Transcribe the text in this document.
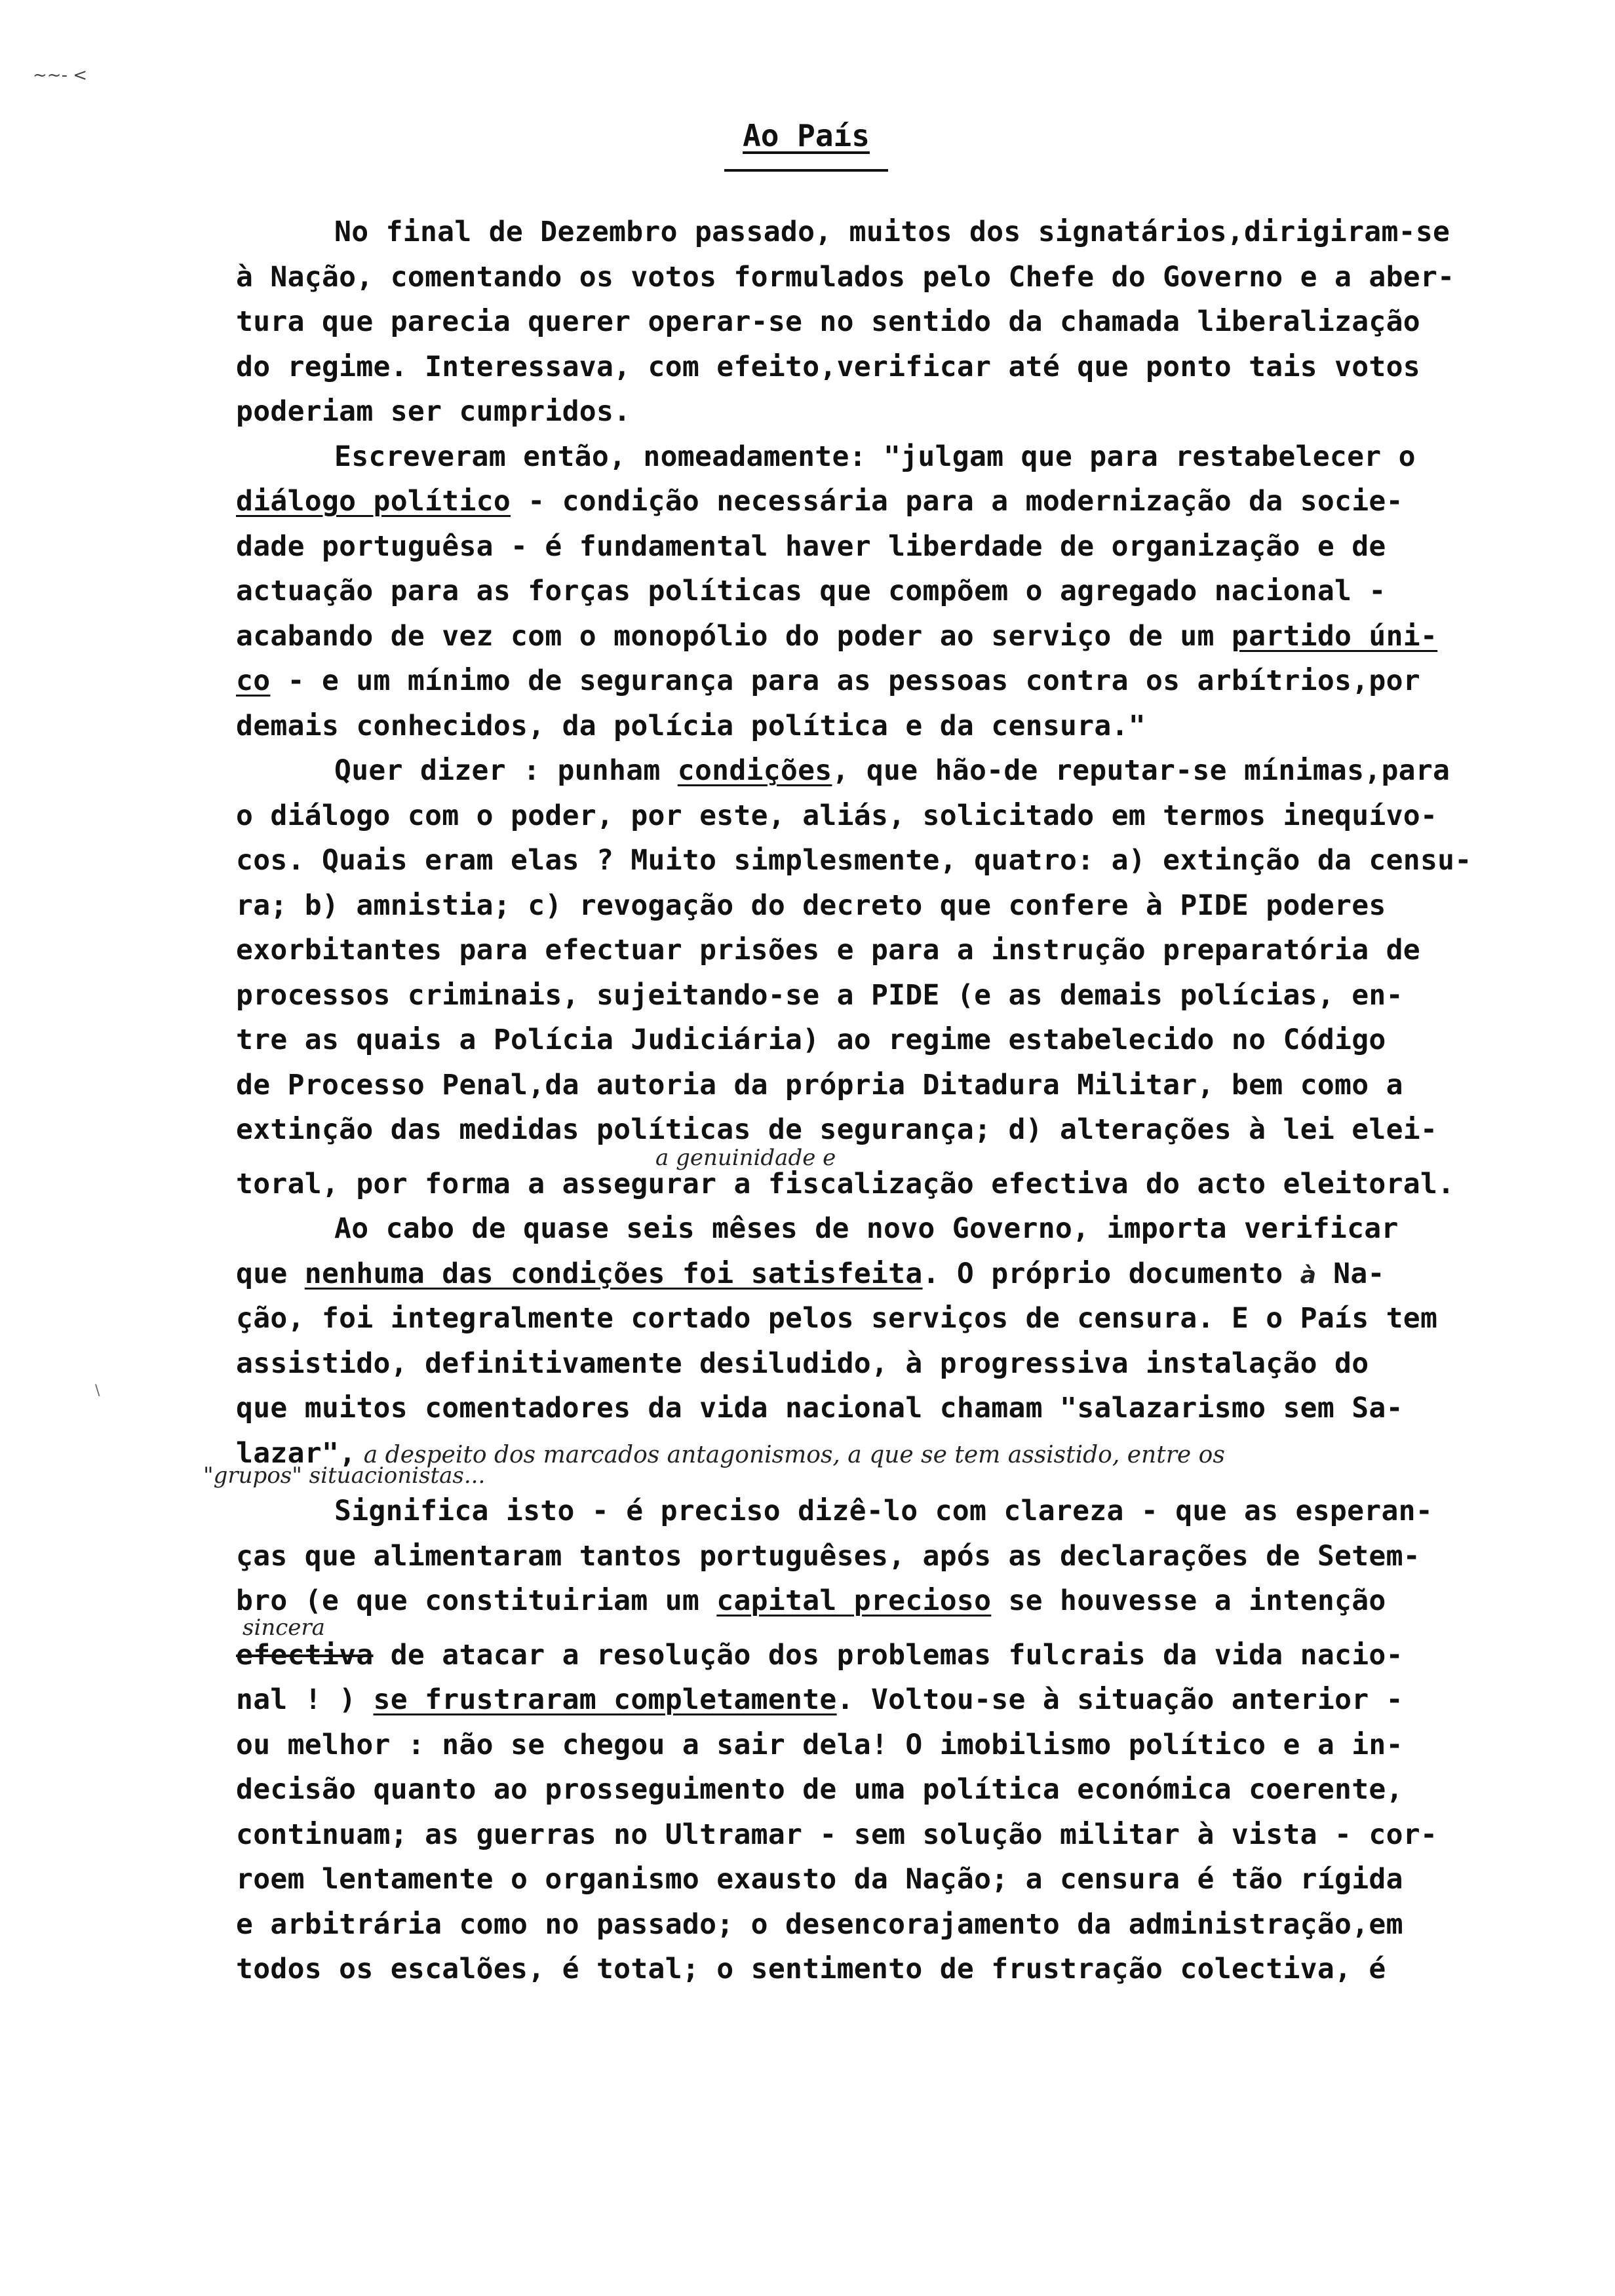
~~- <
\
Ao País
No final de Dezembro passado, muitos dos signatários,dirigiram-se
à Nação, comentando os votos formulados pelo Chefe do Governo e a aber-
tura que parecia querer operar-se no sentido da chamada liberalização
do regime. Interessava, com efeito,verificar até que ponto tais votos
poderiam ser cumpridos.
Escreveram então, nomeadamente: "julgam que para restabelecer o
diálogo político - condição necessária para a modernização da socie-
dade portuguêsa - é fundamental haver liberdade de organização e de
actuação para as forças políticas que compõem o agregado nacional -
acabando de vez com o monopólio do poder ao serviço de um partido úni-
co - e um mínimo de segurança para as pessoas contra os arbítrios,por
demais conhecidos, da polícia política e da censura."
Quer dizer : punham condições, que hão-de reputar-se mínimas,para
o diálogo com o poder, por este, aliás, solicitado em termos inequívo-
cos. Quais eram elas ? Muito simplesmente, quatro: a) extinção da censu-
ra; b) amnistia; c) revogação do decreto que confere à PIDE poderes
exorbitantes para efectuar prisões e para a instrução preparatória de
processos criminais, sujeitando-se a PIDE (e as demais polícias, en-
tre as quais a Polícia Judiciária) ao regime estabelecido no Código
de Processo Penal,da autoria da própria Ditadura Militar, bem como a
extinção das medidas políticas de segurança; d) alterações à lei elei-
a genuinidade e
toral, por forma a assegurar a fiscalização efectiva do acto eleitoral.
Ao cabo de quase seis mêses de novo Governo, importa verificar
que nenhuma das condições foi satisfeita. O próprio documento à Na-
ção, foi integralmente cortado pelos serviços de censura. E o País tem
assistido, definitivamente desiludido, à progressiva instalação do
que muitos comentadores da vida nacional chamam "salazarismo sem Sa-
lazar", a despeito dos marcados antagonismos, a que se tem assistido, entre os
"grupos" situacionistas...
Significa isto - é preciso dizê-lo com clareza - que as esperan-
ças que alimentaram tantos portuguêses, após as declarações de Setem-
bro (e que constituiriam um capital precioso se houvesse a intenção
sincera
efectiva de atacar a resolução dos problemas fulcrais da vida nacio-
nal ! ) se frustraram completamente. Voltou-se à situação anterior -
ou melhor : não se chegou a sair dela! O imobilismo político e a in-
decisão quanto ao prosseguimento de uma política económica coerente,
continuam; as guerras no Ultramar - sem solução militar à vista - cor-
roem lentamente o organismo exausto da Nação; a censura é tão rígida
e arbitrária como no passado; o desencorajamento da administração,em
todos os escalões, é total; o sentimento de frustração colectiva, é
